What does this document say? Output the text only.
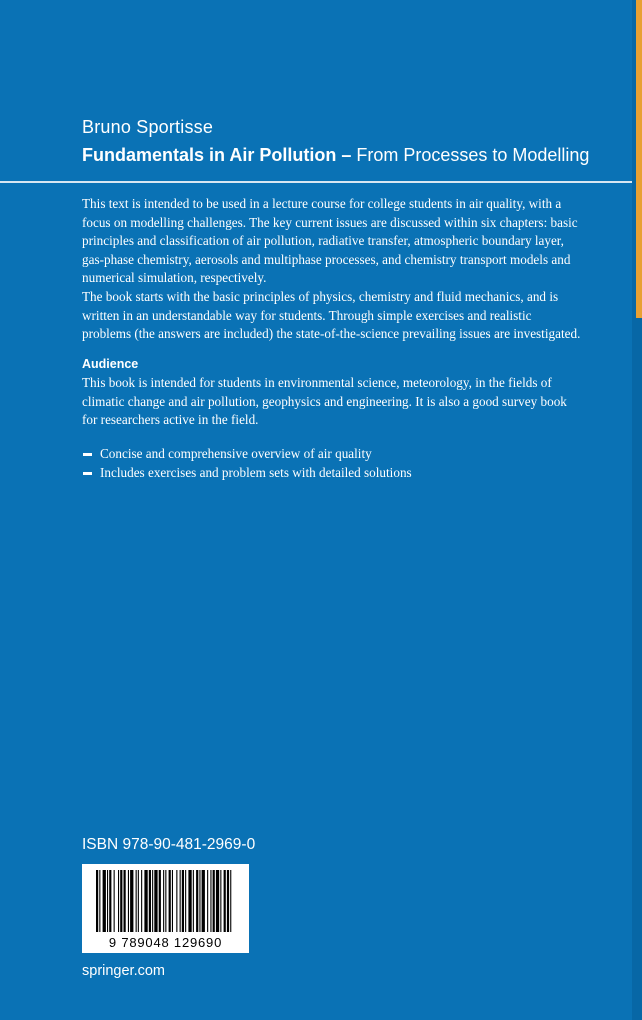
Bruno Sportisse
Fundamentals in Air Pollution – From Processes to Modelling

This text is intended to be used in a lecture course for college students in air quality, with a focus on modelling challenges. The key current issues are discussed within six chapters: basic principles and classification of air pollution, radiative transfer, atmospheric boundary layer, gas-phase chemistry, aerosols and multiphase processes, and chemistry transport models and numerical simulation, respectively.

The book starts with the basic principles of physics, chemistry and fluid mechanics, and is written in an understandable way for students. Through simple exercises and realistic problems (the answers are included) the state-of-the-science prevailing issues are investigated.

Audience
This book is intended for students in environmental science, meteorology, in the fields of climatic change and air pollution, geophysics and engineering. It is also a good survey book for researchers active in the field.
Concise and comprehensive overview of air quality
Includes exercises and problem sets with detailed solutions
ISBN 978-90-481-2969-0
9 789048 129690
springer.com
